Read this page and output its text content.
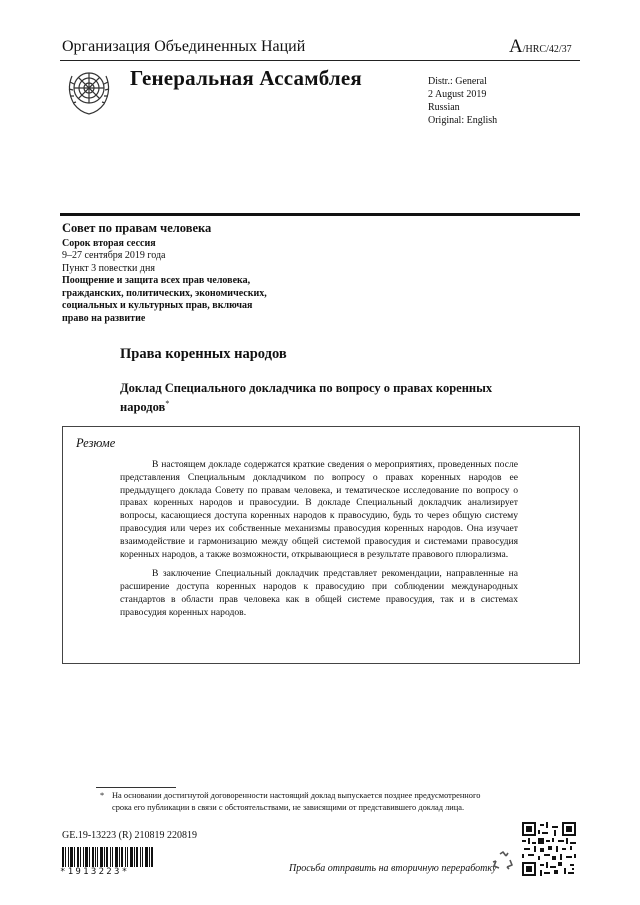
Организация Объединенных Наций	A/HRC/42/37
Генеральная Ассамблея	Distr.: General
2 August 2019
Russian
Original: English
Совет по правам человека
Сорок вторая сессия
9–27 сентября 2019 года
Пункт 3 повестки дня
Поощрение и защита всех прав человека,
гражданских, политических, экономических,
социальных и культурных прав, включая
право на развитие
Права коренных народов
Доклад Специального докладчика по вопросу о правах коренных народов*
Резюме

В настоящем докладе содержатся краткие сведения о мероприятиях, проведенных после представления Специальным докладчиком по вопросу о правах коренных народов ее предыдущего доклада Совету по правам человека, и тематическое исследование по вопросу о правах коренных народов и правосудии. В докладе Специальный докладчик анализирует вопросы, касающиеся доступа коренных народов к правосудию, будь то через общую систему правосудия или через их собственные механизмы правосудия коренных народов. Она изучает взаимодействие и гармонизацию между общей системой правосудия и системами правосудия коренных народов, а также возможности, открывающиеся в результате правового плюрализма.

В заключение Специальный докладчик представляет рекомендации, направленные на расширение доступа коренных народов к правосудию при соблюдении международных стандартов в области прав человека как в общей системе правосудия, так и в системах правосудия коренных народов.

* На основании достигнутой договоренности настоящий доклад выпускается позднее предусмотренного срока его публикации в связи с обстоятельствами, не зависящими от представившего доклад лица.
GE.19-13223 (R) 210819 220819
*1913223*	Просьба отправить на вторичную переработку
